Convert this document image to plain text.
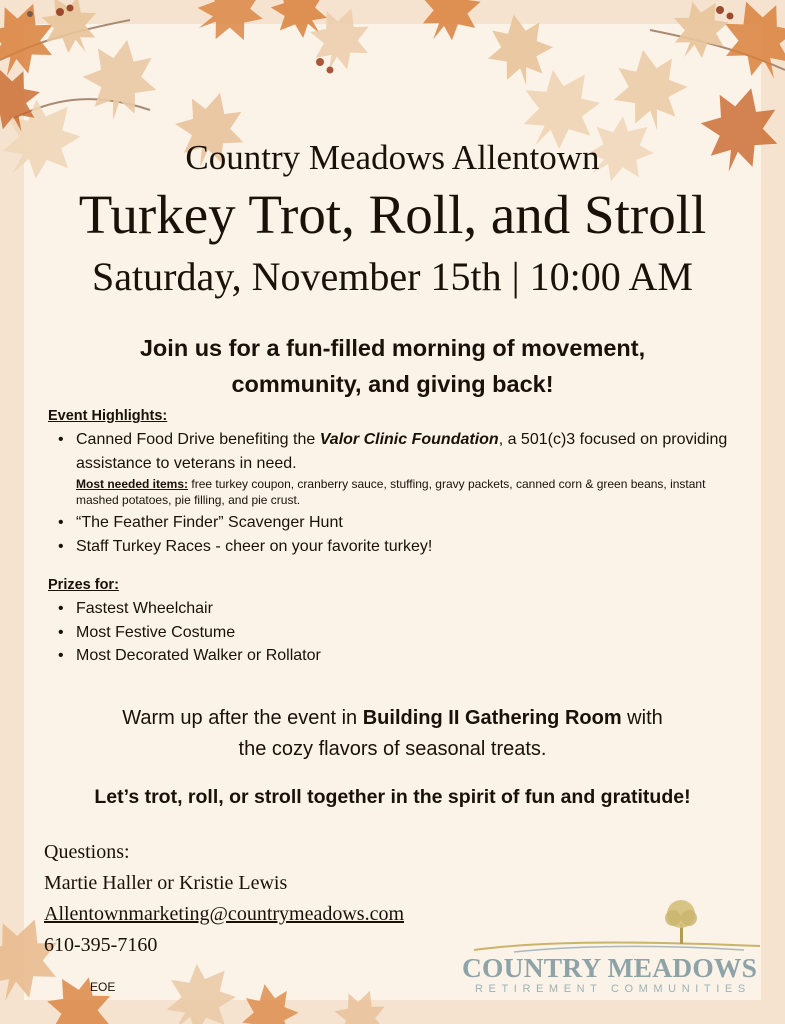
Country Meadows Allentown
Turkey Trot, Roll, and Stroll
Saturday, November 15th | 10:00 AM
Join us for a fun-filled morning of movement,
community, and giving back!
Event Highlights:
• Canned Food Drive benefiting the Valor Clinic Foundation, a 501(c)3 focused on providing assistance to veterans in need.
Most needed items: free turkey coupon, cranberry sauce, stuffing, gravy packets, canned corn & green beans, instant mashed potatoes, pie filling, and pie crust.
• “The Feather Finder” Scavenger Hunt
• Staff Turkey Races - cheer on your favorite turkey!
Prizes for:
• Fastest Wheelchair
• Most Festive Costume
• Most Decorated Walker or Rollator
Warm up after the event in Building II Gathering Room with
the cozy flavors of seasonal treats.
Let’s trot, roll, or stroll together in the spirit of fun and gratitude!
Questions:
Martie Haller or Kristie Lewis
Allentownmarketing@countrymeadows.com
610-395-7160
EOE
COUNTRY MEADOWS
RETIREMENT COMMUNITIES
